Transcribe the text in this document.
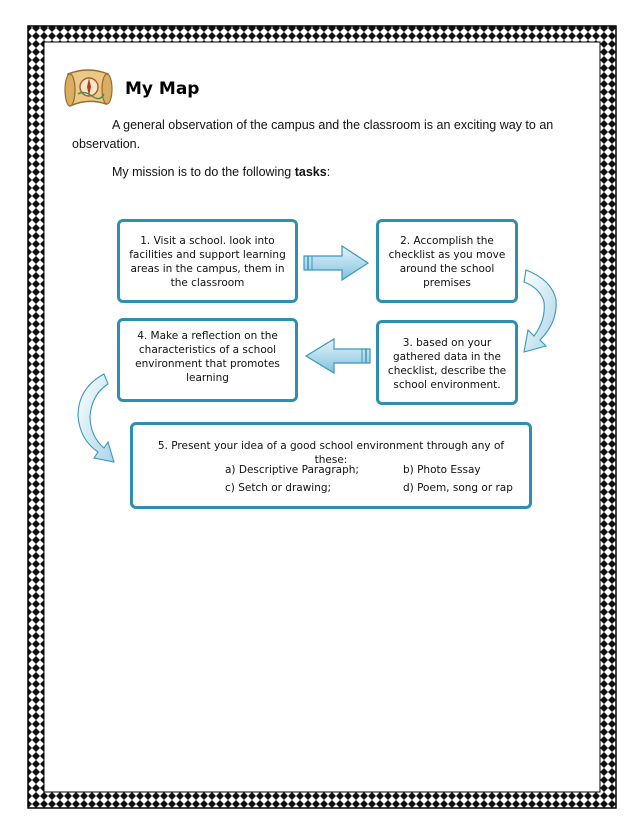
My Map
A general observation of the campus and the classroom is an exciting way to an observation.
My mission is to do the following tasks:
1. Visit a school. look into facilities and support learning areas in the campus, them in the classroom
2. Accomplish the checklist as you move around the school premises
3. based on your gathered data in the checklist, describe the school environment.
4. Make a reflection on the characteristics of a school environment that promotes learning
5. Present your idea of a good school environment through any of these:
a) Descriptive Paragraph;	b) Photo Essay
c) Setch or drawing;	d) Poem, song or rap
